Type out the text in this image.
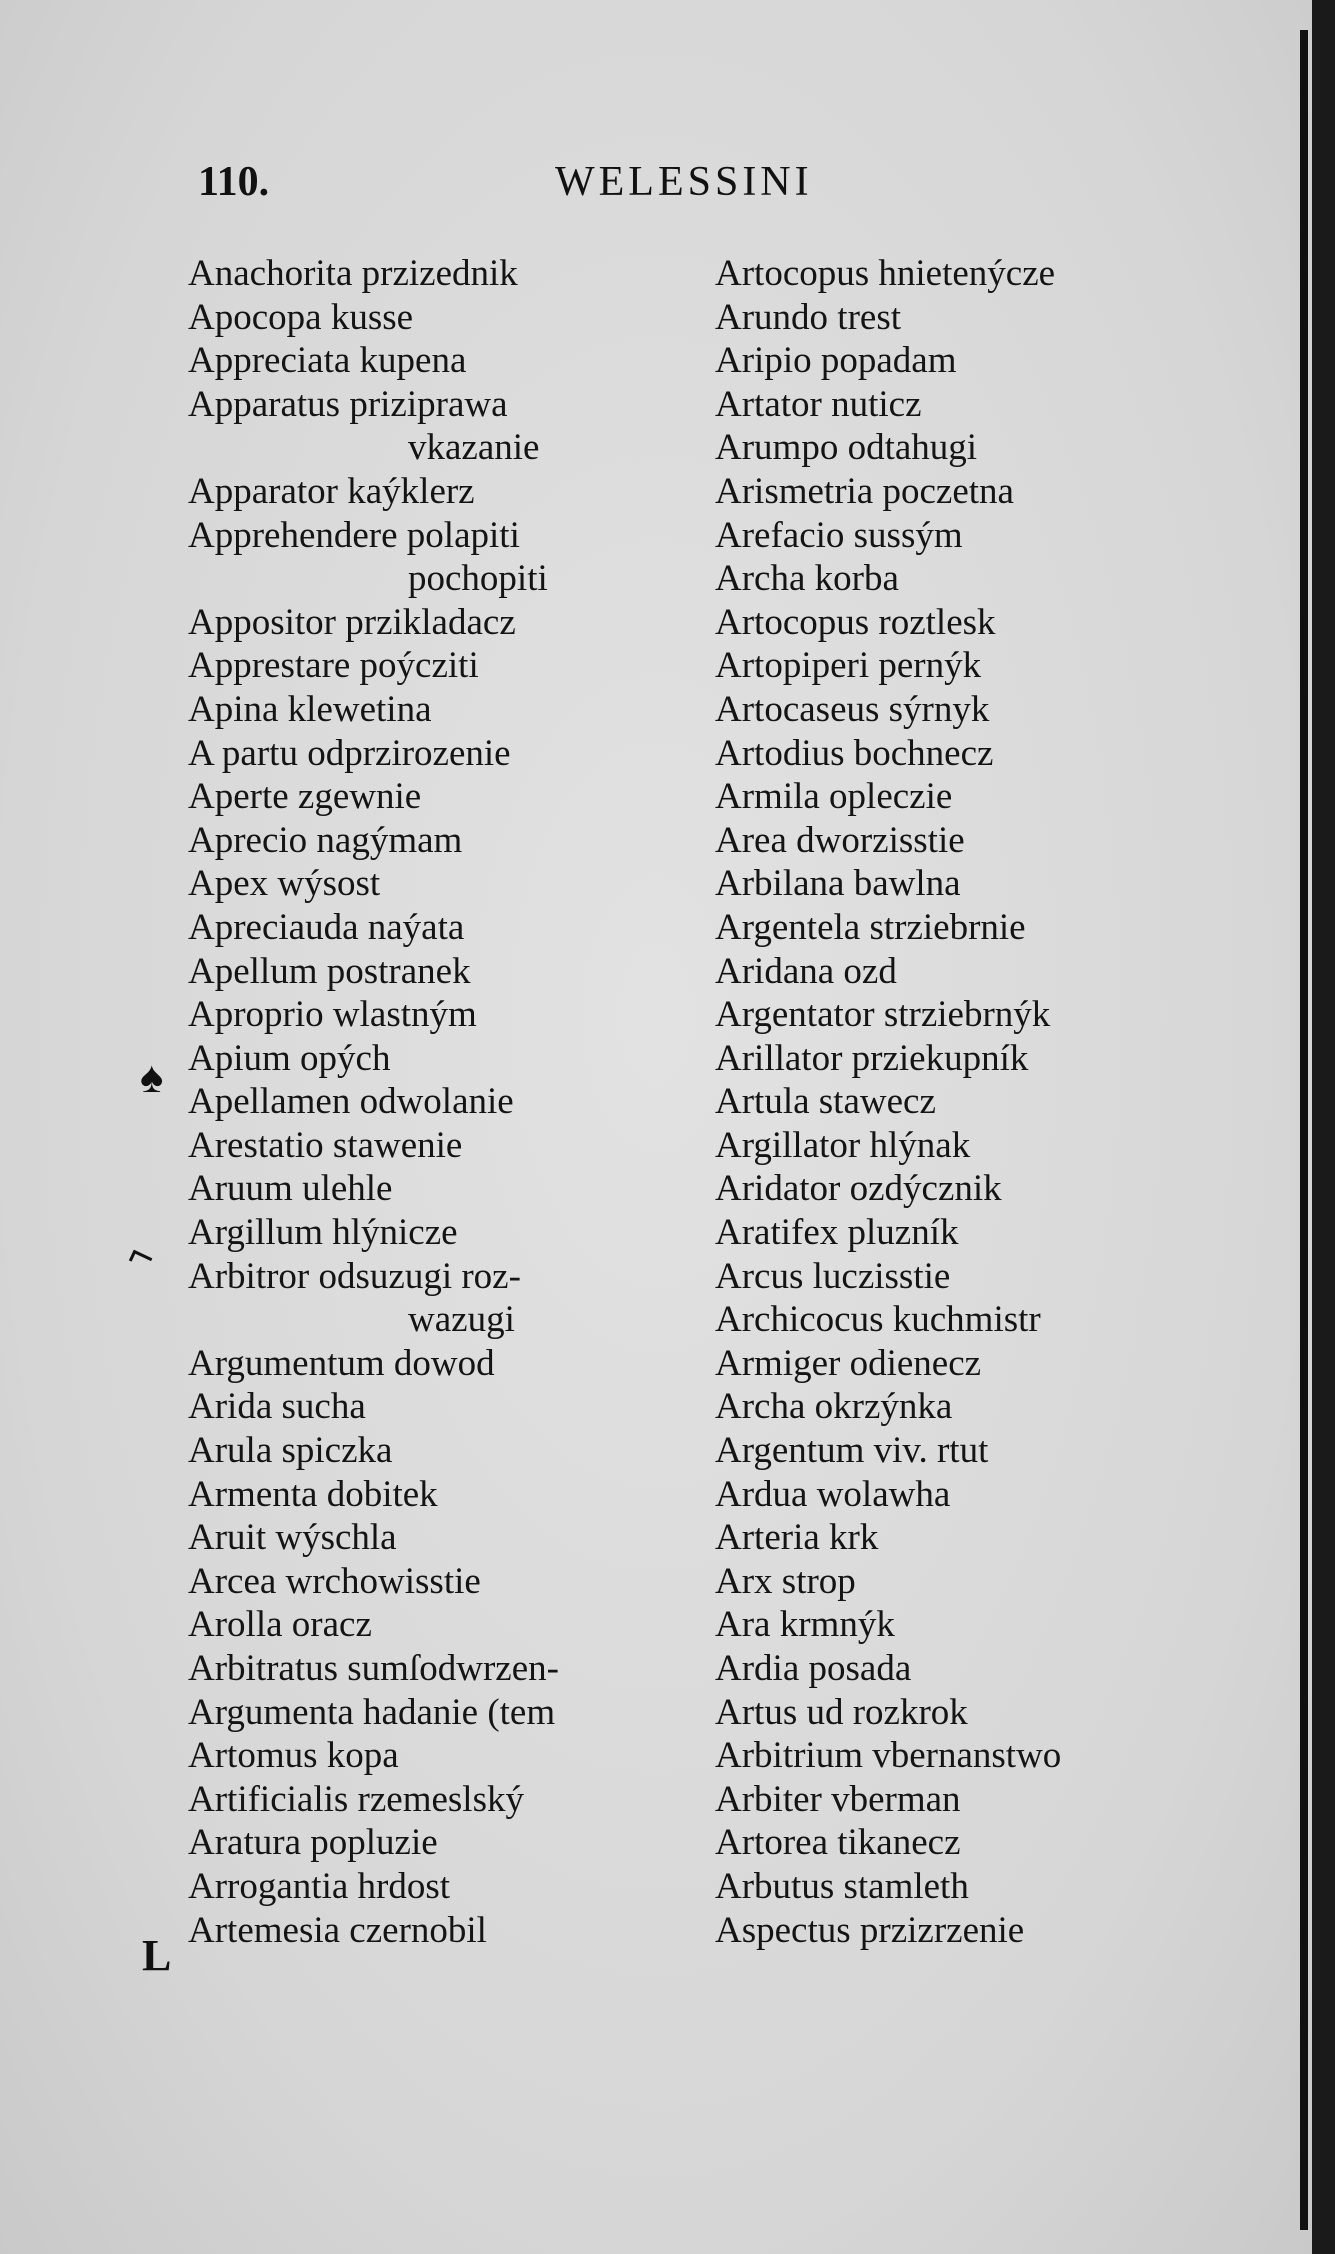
110.	WELESSINI
Anachorita przizednik
Apocopa kusse
Appreciata kupena
Apparatus priziprawa
vkazanie
Apparator kaýklerz
Apprehendere polapiti
pochopiti
Appositor przikladacz
Apprestare poýcziti
Apina klewetina
A partu odprzirozenie
Aperte zgewnie
Aprecio nagýmam
Apex wýsost
Apreciauda naýata
Apellum postranek
Aproprio wlastným
Apium opých
Apellamen odwolanie
Arestatio stawenie
Aruum ulehle
Argillum hlýnicze
Arbitror odsuzugi roz-
wazugi
Argumentum dowod
Arida sucha
Arula spiczka
Armenta dobitek
Aruit wýschla
Arcea wrchowisstie
Arolla oracz
Arbitratus sumſodwrzen-
Argumenta hadanie (tem
Artomus kopa
Artificialis rzemeslský
Aratura popluzie
Arrogantia hrdost
Artemesia czernobil
Artocopus hnietenýcze
Arundo trest
Aripio popadam
Artator nuticz
Arumpo odtahugi
Arismetria poczetna
Arefacio sussým
Archa korba
Artocopus roztlesk
Artopiperi pernýk
Artocaseus sýrnyk
Artodius bochnecz
Armila opleczie
Area dworzisstie
Arbilana bawlna
Argentela strziebrnie
Aridana ozd
Argentator strziebrnýk
Arillator prziekupník
Artula stawecz
Argillator hlýnak
Aridator ozdýcznik
Aratifex pluzník
Arcus luczisstie
Archicocus kuchmistr
Armiger odienecz
Archa okrzýnka
Argentum viv. rtut
Ardua wolawha
Arteria krk
Arx strop
Ara krmnýk
Ardia posada
Artus ud rozkrok
Arbitrium vbernanstwo
Arbiter vberman
Artorea tikanecz
Arbutus stamleth
Aspectus przizrzenie
♠
⌐
L
